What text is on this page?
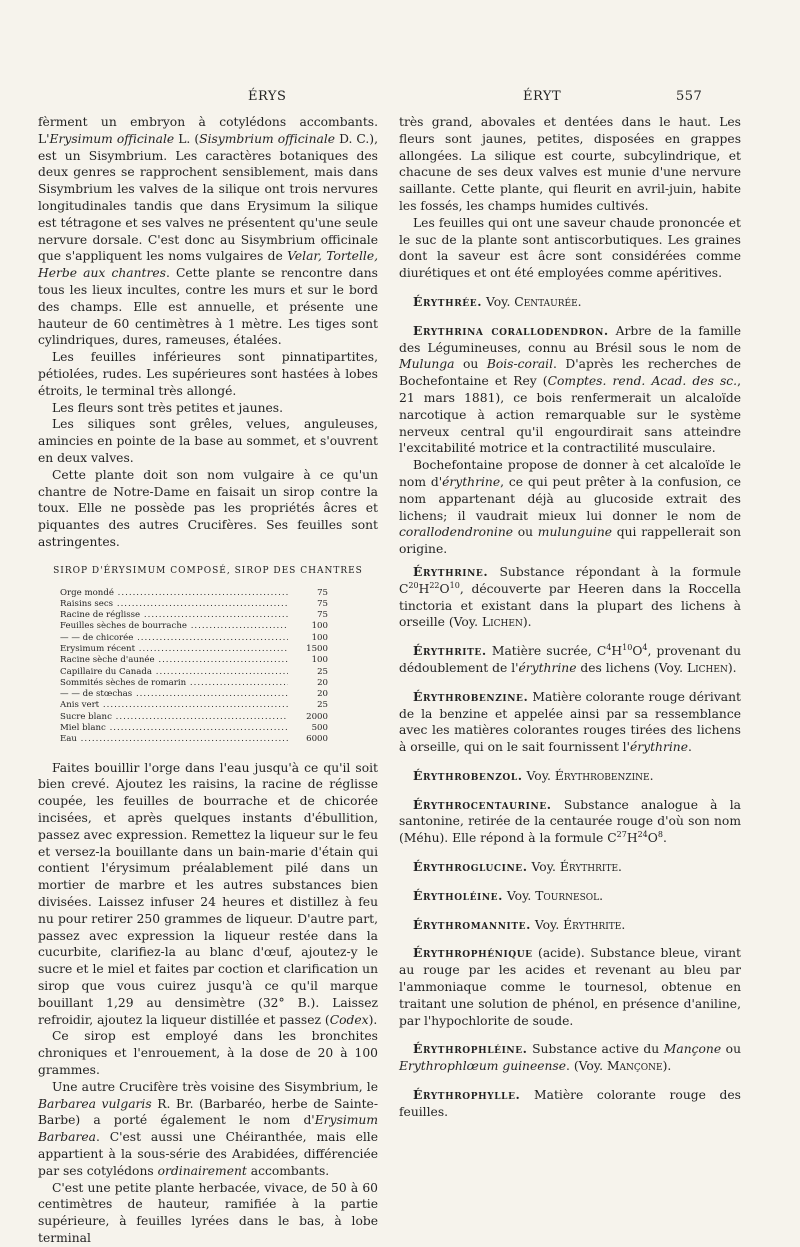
ÉRYS	ÉRYT	557

fèrment un embryon à cotylédons accombants. L'Erysimum officinale L. (Sisymbrium officinale D. C.), est un Sisymbrium. Les caractères botaniques des deux genres se rapprochent sensiblement, mais dans Sisymbrium les valves de la silique ont trois nervures longitudinales tandis que dans Erysimum la silique est tétragone et ses valves ne présentent qu'une seule nervure dorsale. C'est donc au Sisymbrium officinale que s'appliquent les noms vulgaires de Velar, Tortelle, Herbe aux chantres. Cette plante se rencontre dans tous les lieux incultes, contre les murs et sur le bord des champs. Elle est annuelle, et présente une hauteur de 60 centimètres à 1 mètre. Les tiges sont cylindriques, dures, rameuses, étalées.

Les feuilles inférieures sont pinnatipartites, pétiolées, rudes. Les supérieures sont hastées à lobes étroits, le terminal très allongé.

Les fleurs sont très petites et jaunes.

Les siliques sont grêles, velues, anguleuses, amincies en pointe de la base au sommet, et s'ouvrent en deux valves.

Cette plante doit son nom vulgaire à ce qu'un chantre de Notre-Dame en faisait un sirop contre la toux. Elle ne possède pas les propriétés âcres et piquantes des autres Crucifères. Ses feuilles sont astringentes.

SIROP D'ÉRYSIMUM COMPOSÉ, SIROP DES CHANTRES
Orge mondé .....	75

Raisins secs .....	75

Racine de réglisse .....	75

Feuilles sèches de bourrache .....	100

— — de chicorée .....	100

Erysimum récent .....	1500

Racine sèche d'aunée .....	100

Capillaire du Canada .....	25

Sommités sèches de romarin .....	20

— — de stœchas .....	20

Anis vert .....	25

Sucre blanc .....	2000

Miel blanc .....	500

Eau .....	6000

Faites bouillir l'orge dans l'eau jusqu'à ce qu'il soit bien crevé. Ajoutez les raisins, la racine de réglisse coupée, les feuilles de bourrache et de chicorée incisées, et après quelques instants d'ébullition, passez avec expression. Remettez la liqueur sur le feu et versez-la bouillante dans un bain-marie d'étain qui contient l'érysimum préalablement pilé dans un mortier de marbre et les autres substances bien divisées. Laissez infuser 24 heures et distillez à feu nu pour retirer 250 grammes de liqueur. D'autre part, passez avec expression la liqueur restée dans la cucurbite, clarifiez-la au blanc d'œuf, ajoutez-y le sucre et le miel et faites par coction et clarification un sirop que vous cuirez jusqu'à ce qu'il marque bouillant 1,29 au densimètre (32° B.). Laissez refroidir, ajoutez la liqueur distillée et passez (Codex).

Ce sirop est employé dans les bronchites chroniques et l'enrouement, à la dose de 20 à 100 grammes.

Une autre Crucifère très voisine des Sisymbrium, le Barbarea vulgaris R. Br. (Barbaréo, herbe de Sainte-Barbe) a porté également le nom d'Erysimum Barbarea. C'est aussi une Chéiranthée, mais elle appartient à la sous-série des Arabidées, différenciée par ses cotylédons ordinairement accombants.

C'est une petite plante herbacée, vivace, de 50 à 60 centimètres de hauteur, ramifiée à la partie supérieure, à feuilles lyrées dans le bas, à lobe terminal

très grand, abovales et dentées dans le haut. Les fleurs sont jaunes, petites, disposées en grappes allongées. La silique est courte, subcylindrique, et chacune de ses deux valves est munie d'une nervure saillante. Cette plante, qui fleurit en avril-juin, habite les fossés, les champs humides cultivés.

Les feuilles qui ont une saveur chaude prononcée et le suc de la plante sont antiscorbutiques. Les graines dont la saveur est âcre sont considérées comme diurétiques et ont été employées comme apéritives.

Érythrée. Voy. Centaurée.

Erythrina corallodendron. Arbre de la famille des Légumineuses, connu au Brésil sous le nom de Mulunga ou Bois-corail. D'après les recherches de Bochefontaine et Rey (Comptes. rend. Acad. des sc., 21 mars 1881), ce bois renfermerait un alcaloïde narcotique à action remarquable sur le système nerveux central qu'il engourdirait sans atteindre l'excitabilité motrice et la contractilité musculaire.

Bochefontaine propose de donner à cet alcaloïde le nom d'érythrine, ce qui peut prêter à la confusion, ce nom appartenant déjà au glucoside extrait des lichens; il vaudrait mieux lui donner le nom de corallodendronine ou mulunguine qui rappellerait son origine.

Érythrine. Substance répondant à la formule $C^{20}H^{22}O^{10}$, découverte par Heeren dans la Roccella tinctoria et existant dans la plupart des lichens à orseille (Voy. Lichen).

Érythrite. Matière sucrée, $C^4H^{10}O^4$, provenant du dédoublement de l'érythrine des lichens (Voy. Lichen).

Érythrobenzine. Matière colorante rouge dérivant de la benzine et appelée ainsi par sa ressemblance avec les matières colorantes rouges tirées des lichens à orseille, qui on le sait fournissent l'érythrine.

Érythrobenzol. Voy. Érythrobenzine.

Érythrocentaurine. Substance analogue à la santonine, retirée de la centaurée rouge d'où son nom (Méhu). Elle répond à la formule $C^{27}H^{24}O^8$.

Érythroglucine. Voy. Érythrite.

Érytholéine. Voy. Tournesol.

Érythromannite. Voy. Érythrite.

Érythrophénique (acide). Substance bleue, virant au rouge par les acides et revenant au bleu par l'ammoniaque comme le tournesol, obtenue en traitant une solution de phénol, en présence d'aniline, par l'hypochlorite de soude.

Érythrophléine. Substance active du Mançone ou Erythrophlœum guineense. (Voy. Mançone).

Érythrophylle. Matière colorante rouge des feuilles.
